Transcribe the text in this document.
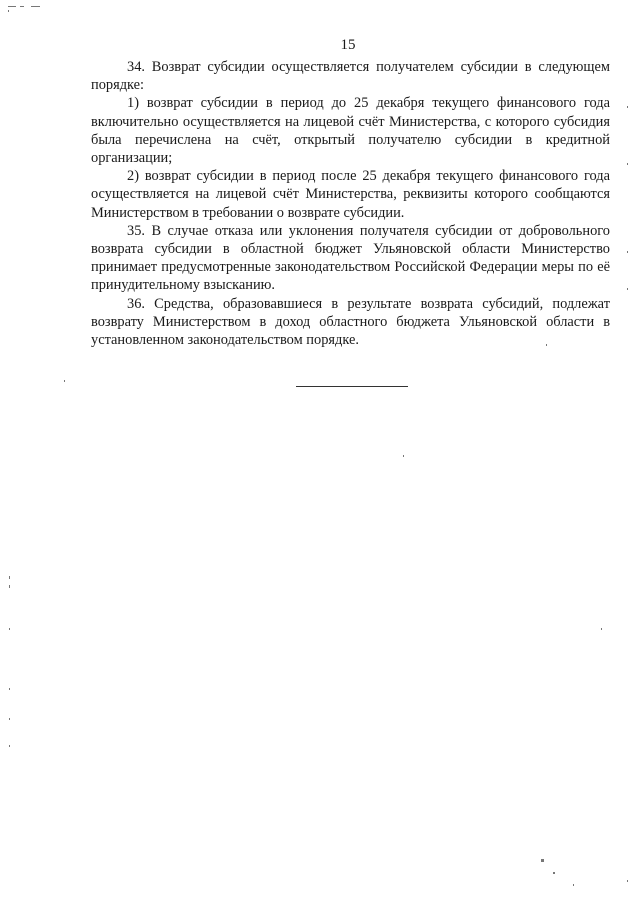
15

34. Возврат субсидии осуществляется получателем субсидии в следующем порядке:

1) возврат субсидии в период до 25 декабря текущего финансового года включительно осуществляется на лицевой счёт Министерства, с которого субсидия была перечислена на счёт, открытый получателю субсидии в кредитной организации;

2) возврат субсидии в период после 25 декабря текущего финансового года осуществляется на лицевой счёт Министерства, реквизиты которого сообщаются Министерством в требовании о возврате субсидии.

35. В случае отказа или уклонения получателя субсидии от добровольного возврата субсидии в областной бюджет Ульяновской области Министерство принимает предусмотренные законодательством Российской Федерации меры по её принудительному взысканию.

36. Средства, образовавшиеся в результате возврата субсидий, подлежат возврату Министерством в доход областного бюджета Ульяновской области в установленном законодательством порядке.
